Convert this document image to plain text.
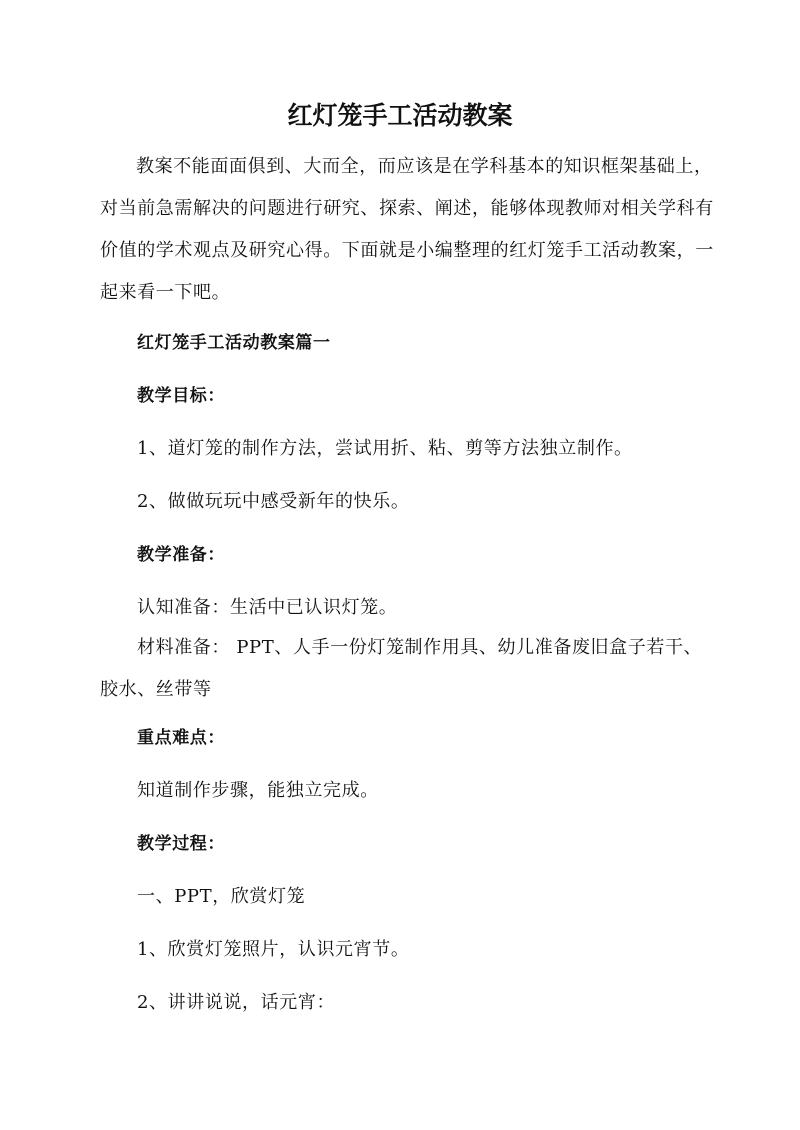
红灯笼手工活动教案

教案不能面面俱到、大而全，而应该是在学科基本的知识框架基础上，对当前急需解决的问题进行研究、探索、阐述，能够体现教师对相关学科有价值的学术观点及研究心得。下面就是小编整理的红灯笼手工活动教案，一起来看一下吧。

红灯笼手工活动教案篇一
教学目标：
1、道灯笼的制作方法，尝试用折、粘、剪等方法独立制作。
2、做做玩玩中感受新年的快乐。
教学准备：
认知准备：生活中已认识灯笼。
材料准备： PPT、人手一份灯笼制作用具、幼儿准备废旧盒子若干、
胶水、丝带等
重点难点：
知道制作步骤，能独立完成。
教学过程：
一、PPT，欣赏灯笼
1、欣赏灯笼照片，认识元宵节。
2、讲讲说说，话元宵：
